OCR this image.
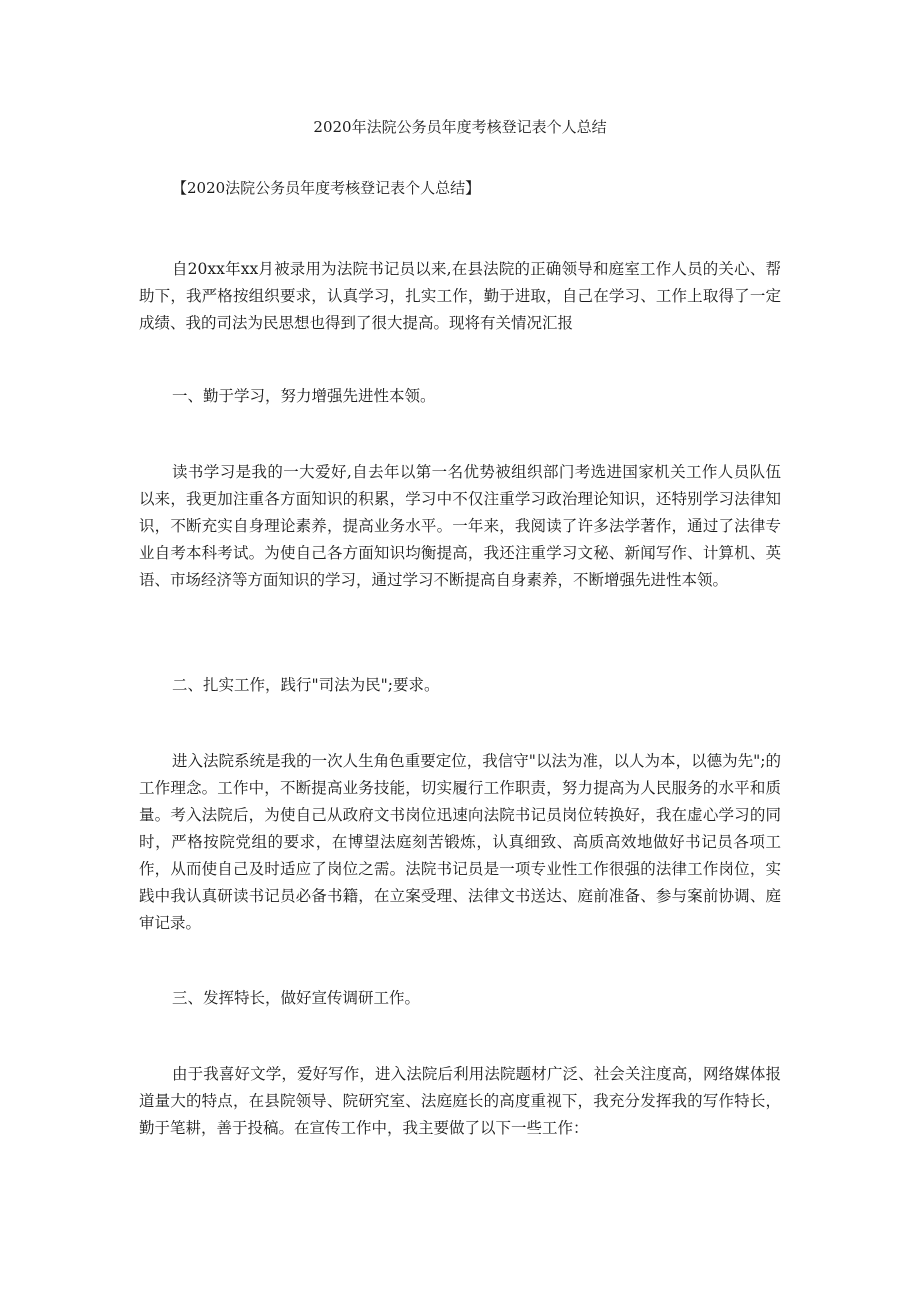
2020年法院公务员年度考核登记表个人总结
【2020法院公务员年度考核登记表个人总结】

自20xx年xx月被录用为法院书记员以来,在县法院的正确领导和庭室工作人员的关心、帮助下，我严格按组织要求，认真学习，扎实工作，勤于进取，自己在学习、工作上取得了一定成绩、我的司法为民思想也得到了很大提高。现将有关情况汇报

一、勤于学习，努力增强先进性本领。

读书学习是我的一大爱好,自去年以第一名优势被组织部门考选进国家机关工作人员队伍以来，我更加注重各方面知识的积累，学习中不仅注重学习政治理论知识，还特别学习法律知识，不断充实自身理论素养，提高业务水平。一年来，我阅读了许多法学著作，通过了法律专业自考本科考试。为使自己各方面知识均衡提高，我还注重学习文秘、新闻写作、计算机、英语、市场经济等方面知识的学习，通过学习不断提高自身素养，不断增强先进性本领。

二、扎实工作，践行"司法为民";要求。

进入法院系统是我的一次人生角色重要定位，我信守"以法为准，以人为本，以德为先";的工作理念。工作中，不断提高业务技能，切实履行工作职责，努力提高为人民服务的水平和质量。考入法院后，为使自己从政府文书岗位迅速向法院书记员岗位转换好，我在虚心学习的同时，严格按院党组的要求，在博望法庭刻苦锻炼，认真细致、高质高效地做好书记员各项工作，从而使自己及时适应了岗位之需。法院书记员是一项专业性工作很强的法律工作岗位，实践中我认真研读书记员必备书籍，在立案受理、法律文书送达、庭前准备、参与案前协调、庭审记录。

三、发挥特长，做好宣传调研工作。

由于我喜好文学，爱好写作，进入法院后利用法院题材广泛、社会关注度高，网络媒体报道量大的特点，在县院领导、院研究室、法庭庭长的高度重视下，我充分发挥我的写作特长，勤于笔耕，善于投稿。在宣传工作中，我主要做了以下一些工作：
